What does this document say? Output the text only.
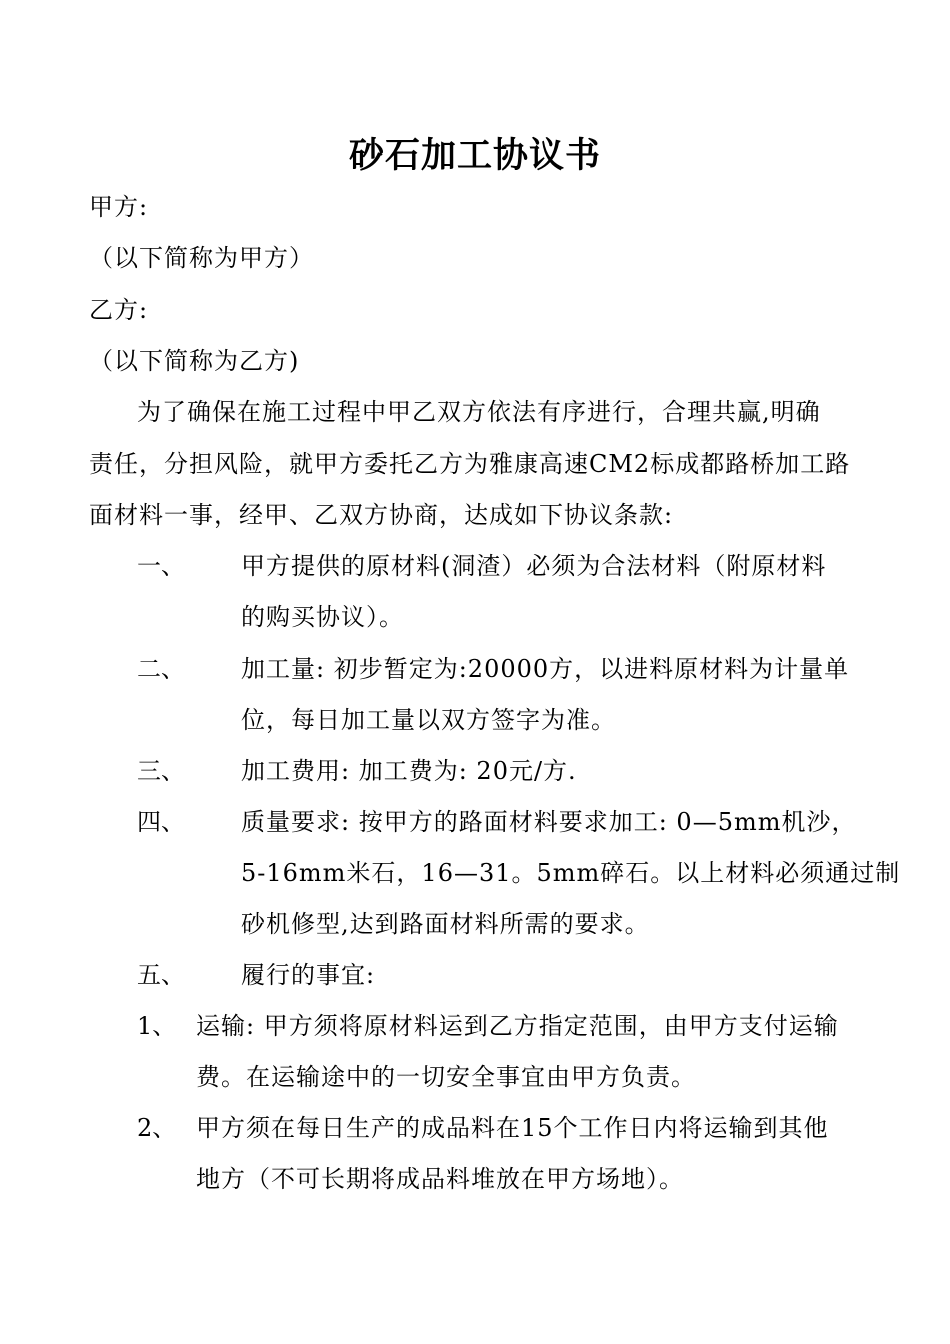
砂石加工协议书
甲方:
（以下简称为甲方）
乙方:
（以下简称为乙方)
为了确保在施工过程中甲乙双方依法有序进行，合理共赢,明确
责任，分担风险，就甲方委托乙方为雅康高速CM2标成都路桥加工路
面材料一事，经甲、乙双方协商，达成如下协议条款:
一、 甲方提供的原材料(洞渣）必须为合法材料（附原材料
的购买协议）。
二、 加工量: 初步暂定为:20000方，以进料原材料为计量单
位，每日加工量以双方签字为准。
三、 加工费用: 加工费为: 20元/方.
四、 质量要求: 按甲方的路面材料要求加工: 0—5mm机沙，
5-16mm米石，16—31。5mm碎石。以上材料必须通过制
砂机修型,达到路面材料所需的要求。
五、 履行的事宜:
1、 运输: 甲方须将原材料运到乙方指定范围，由甲方支付运输
费。在运输途中的一切安全事宜由甲方负责。
2、 甲方须在每日生产的成品料在15个工作日内将运输到其他
地方（不可长期将成品料堆放在甲方场地）。
